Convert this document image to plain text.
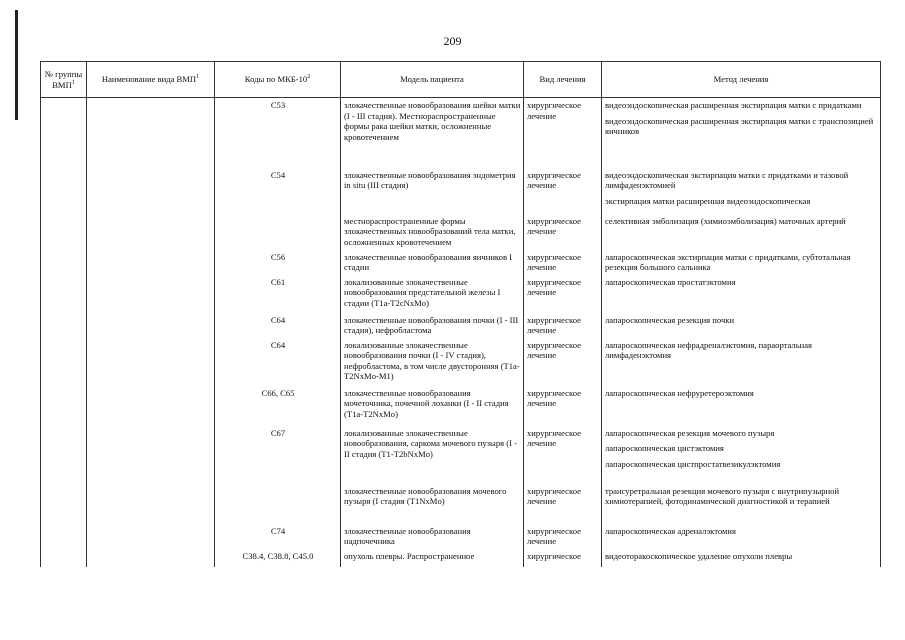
209
№ группы ВМП$^1$	Наименование вида ВМП$^1$	Коды по МКБ-$10^2$	Модель пациента	Вид лечения	Метод лечения
		С53	злокачественные новообразования шейки матки (I - III стадия). Местнораспространенные формы рака шейки матки, осложненные кровотечением	хирургическое лечение	видеоэндоскопическая расширенная экстирпация матки с придатками
видеоэндоскопическая расширенная экстирпация матки с транспозицией яичников

		С54	злокачественные новообразования эндометрия in situ (III стадия)	хирургическое лечение	видеоэндоскопическая экстирпация матки с придатками и тазовой лимфаденэктомией
экстирпация матки расширенная видеоэндоскопическая

			местнораспространенные формы злокачественных новообразований тела матки, осложненных кровотечением	хирургическое лечение	селективная эмболизация (химиоэмболизация) маточных артерий

		С56	злокачественные новообразования яичников I стадии	хирургическое лечение	лапароскопическая экстирпация матки с придатками, субтотальная резекция большого сальника

		С61	локализованные злокачественные новообразования предстательной железы I стадии (T1a-T2cNxMo)	хирургическое лечение	лапароскопическая простатэктомия

		С64	злокачественные новообразования почки (I - III стадия), нефробластома	хирургическое лечение	лапароскопическая резекция почки

		С64	локализованные злокачественные новообразования почки (I - IV стадия), нефробластома, в том числе двусторонняя (T1a-T2NxMo-M1)	хирургическое лечение	лапароскопическая нефрадреналэктомия, параортальная лимфаденэктомия

		С66, С65	злокачественные новообразования мочеточника, почечной лоханки (I - II стадия (T1a-T2NxMo)	хирургическое лечение	лапароскопическая нефруретероэктомия

		С67	локализованные злокачественные новообразования, саркома мочевого пузыря (I - II стадия (T1-T2bNxMo)	хирургическое лечение	лапароскопическая резекция мочевого пузыря
лапароскопическая цистэктомия
лапароскопическая цистпростатвезикулэктомия

			злокачественные новообразования мочевого пузыря (I стадия (T1NxMo)	хирургическое лечение	трансуретральная резекция мочевого пузыря с внутрипузырной химиотерапией, фотодинамической диагностикой и терапией

		С74	злокачественные новообразования надпочечника	хирургическое лечение	лапароскопическая адреналэктомия

		С38.4, С38.8, С45.0	опухоль плевры. Распространенное	хирургическое	видеоторакоскопическое удаление опухоли плевры
